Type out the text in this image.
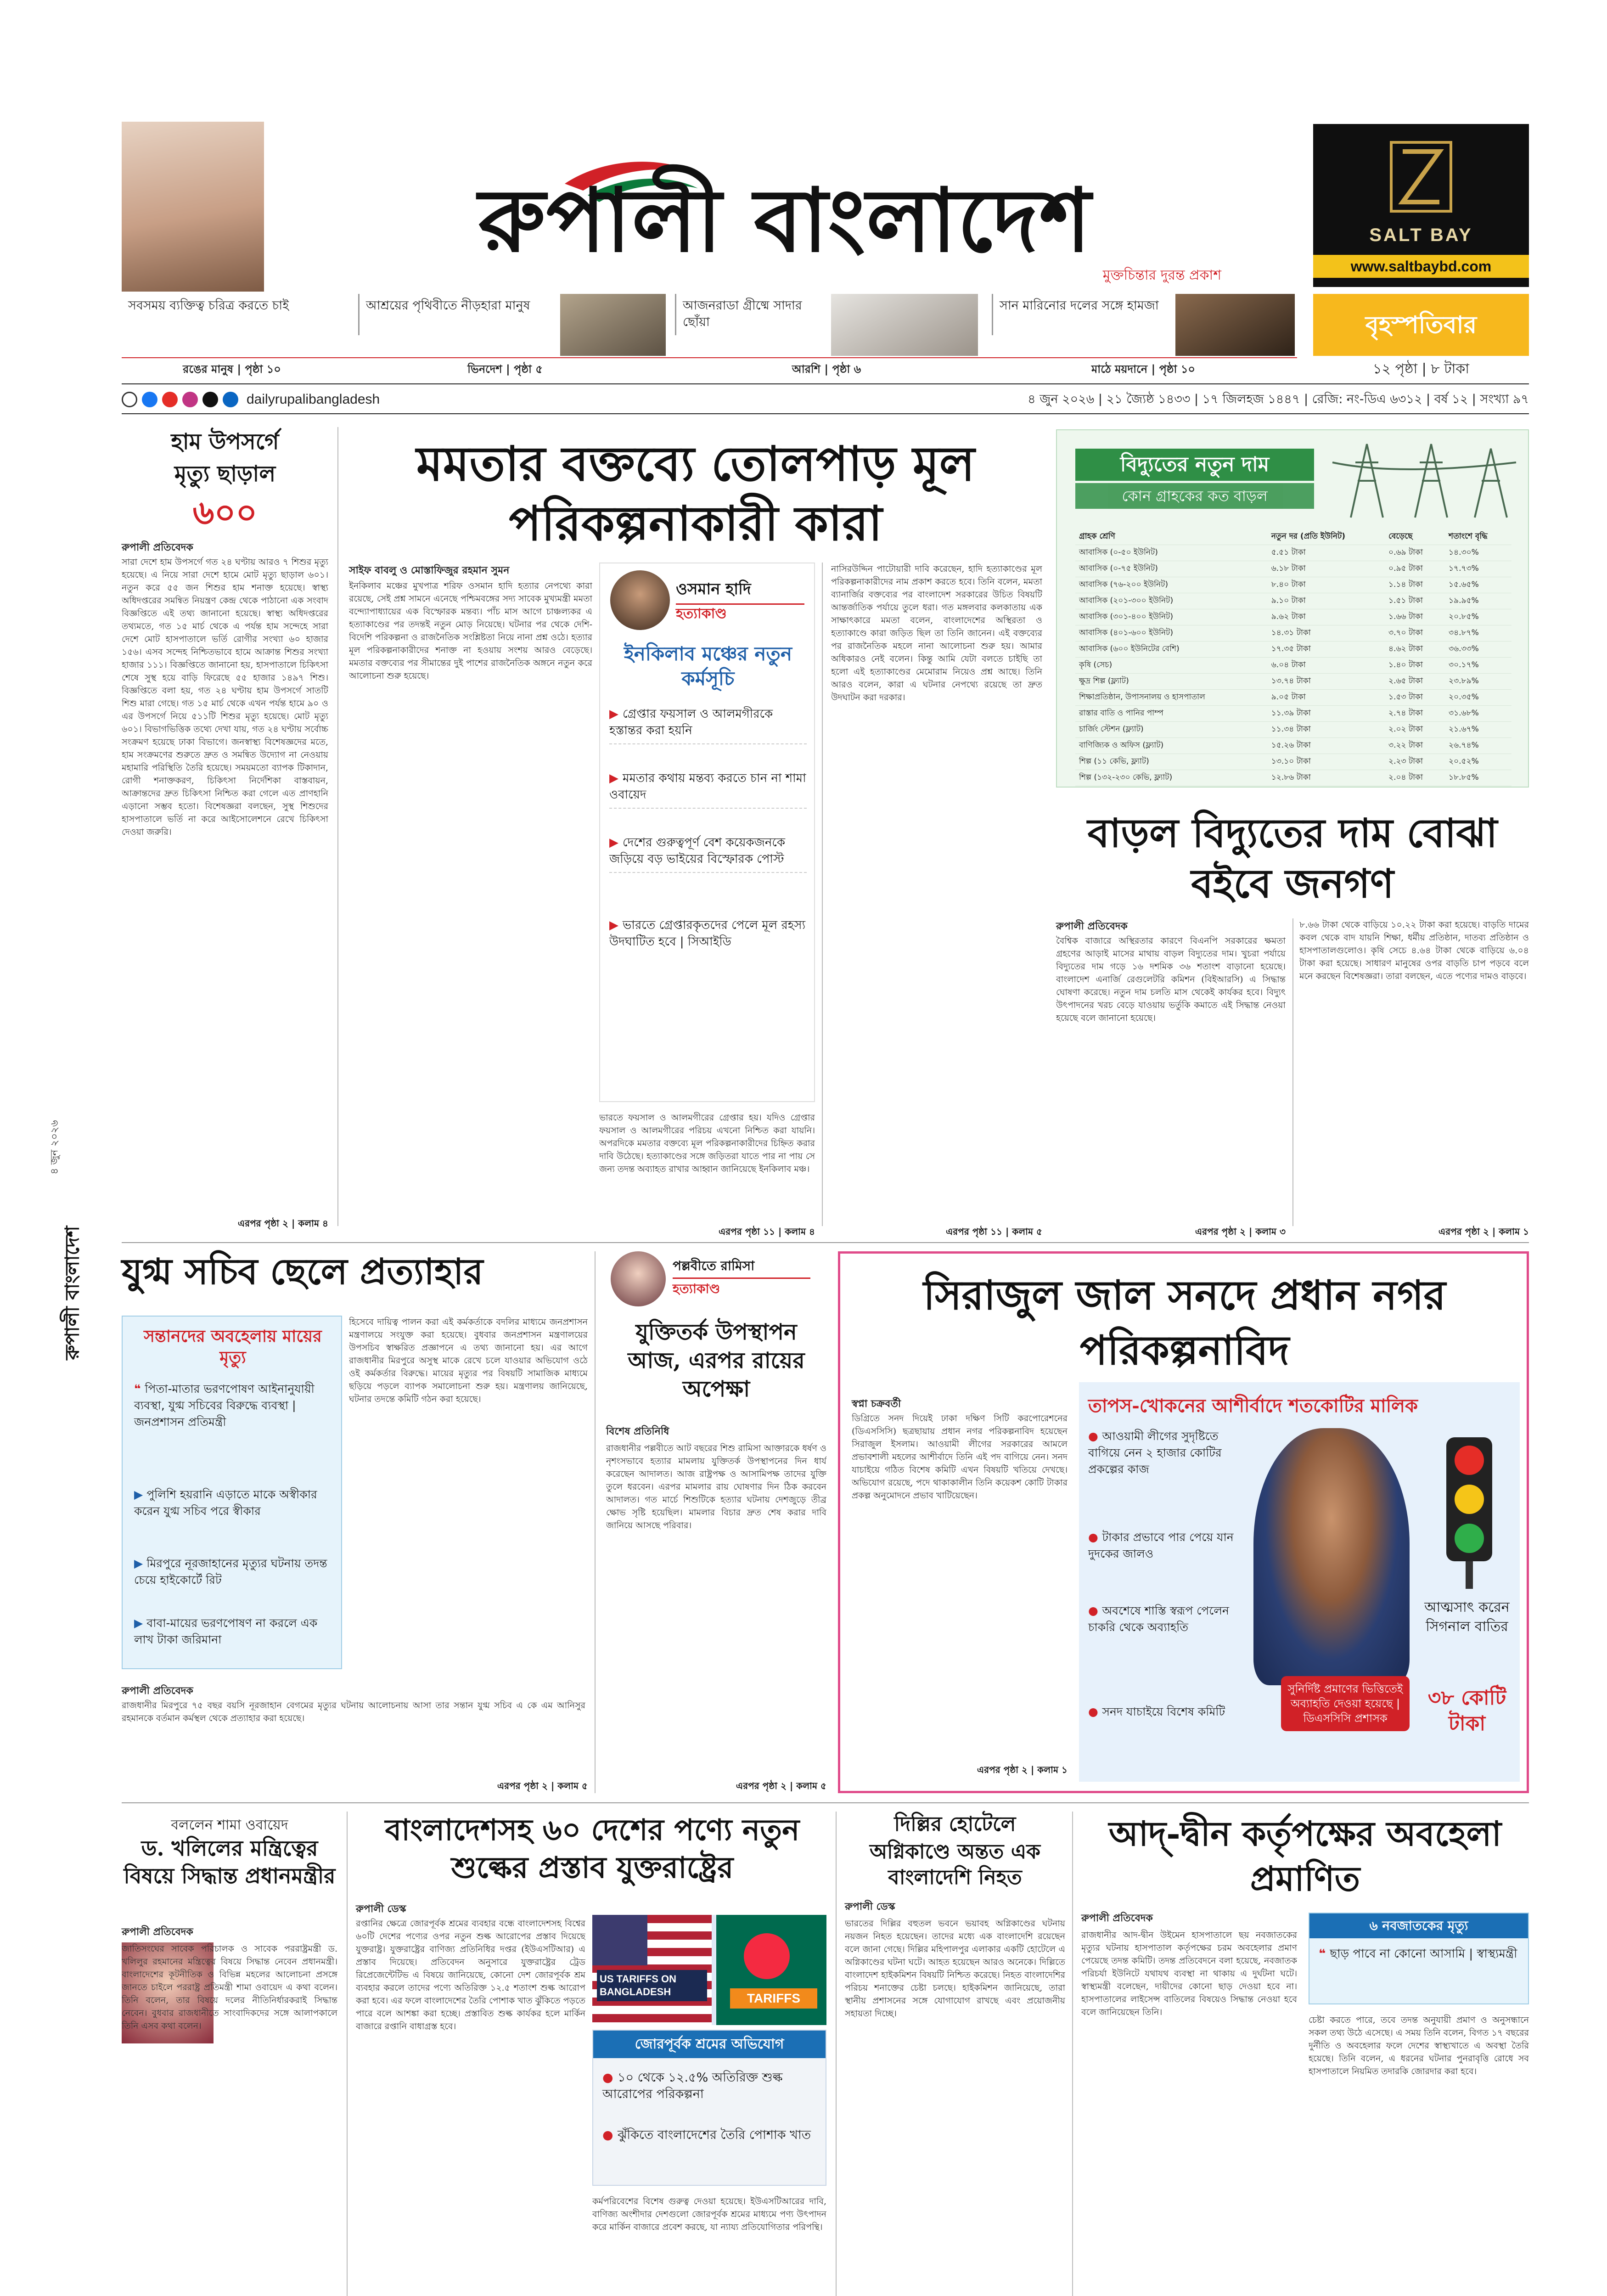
রুপালী বাংলাদেশ
মুক্তচিন্তার দুরন্ত প্রকাশ
SALT BAY
www.saltbaybd.com
সবসময় ব্যক্তিত্ব চরিত্র করতে চাই	আশ্রয়ের পৃথিবীতে নীড়হারা মানুষ	আজনরাডা গ্রীষ্মে সাদার ছোঁয়া
সান মারিনোর দলের সঙ্গে হামজা
বৃহস্পতিবার
রঙের মানুষ | পৃষ্ঠা ১০	ভিনদেশ | পৃষ্ঠা ৫	আরশি | পৃষ্ঠা ৬	মাঠে ময়দানে | পৃষ্ঠা ১০	১২ পৃষ্ঠা | ৮ টাকা
dailyrupalibangladesh	৪ জুন ২০২৬ | ২১ জ্যৈষ্ঠ ১৪৩৩ | ১৭ জিলহজ ১৪৪৭ | রেজি: নং-ডিএ ৬৩১২ | বর্ষ ১২ | সংখ্যা ৯৭
রুপালী বাংলাদেশ
৪ জুন ২০২৬
হাম উপসর্গে
মৃত্যু ছাড়াল
৬০০
রুপালী প্রতিবেদক
সারা দেশে হাম উপসর্গে গত ২৪ ঘণ্টায় আরও ৭ শিশুর মৃত্যু হয়েছে। এ নিয়ে সারা দেশে হামে মোট মৃত্যু ছাড়াল ৬০১। নতুন করে ৫৫ জন শিশুর হাম শনাক্ত হয়েছে। স্বাস্থ্য অধিদপ্তরের সমন্বিত নিয়ন্ত্রণ কেন্দ্র থেকে পাঠানো এক সংবাদ বিজ্ঞপ্তিতে এই তথ্য জানানো হয়েছে। স্বাস্থ্য অধিদপ্তরের তথ্যমতে, গত ১৫ মার্চ থেকে এ পর্যন্ত হাম সন্দেহে সারা দেশে মোট হাসপাতালে ভর্তি রোগীর সংখ্যা ৬০ হাজার ১৫৬। এসব সন্দেহ নিশ্চিতভাবে হামে আক্রান্ত শিশুর সংখ্যা হাজার ১১১। বিজ্ঞপ্তিতে জানানো হয়, হাসপাতালে চিকিৎসা শেষে সুস্থ হয়ে বাড়ি ফিরেছে ৫৫ হাজার ১৪৯৭ শিশু। বিজ্ঞপ্তিতে বলা হয়, গত ২৪ ঘণ্টায় হাম উপসর্গে সাতটি শিশু মারা গেছে। গত ১৫ মার্চ থেকে এখন পর্যন্ত হামে ৯০ ও এর উপসর্গে নিয়ে ৫১১টি শিশুর মৃত্যু হয়েছে। মোট মৃত্যু ৬০১। বিভাগভিত্তিক তথ্যে দেখা যায়, গত ২৪ ঘণ্টায় সর্বোচ্চ সংক্রমণ হয়েছে ঢাকা বিভাগে। জনস্বাস্থ্য বিশেষজ্ঞদের মতে, হাম সংক্রমণের শুরুতে দ্রুত ও সমন্বিত উদ্যোগ না নেওয়ায় মহামারি পরিস্থিতি তৈরি হয়েছে। সময়মতো ব্যাপক টিকাদান, রোগী শনাক্তকরণ, চিকিৎসা নির্দেশিকা বাস্তবায়ন, আক্রান্তদের দ্রুত চিকিৎসা নিশ্চিত করা গেলে এত প্রাণহানি এড়ানো সম্ভব হতো। বিশেষজ্ঞরা বলছেন, সুস্থ শিশুদের হাসপাতালে ভর্তি না করে আইসোলেশনে রেখে চিকিৎসা দেওয়া জরুরি।
এরপর পৃষ্ঠা ২ | কলাম ৪
মমতার বক্তব্যে তোলপাড় মূল পরিকল্পনাকারী কারা
সাইফ বাবলু ও মোস্তাফিজুর রহমান সুমন
ইনকিলাব মঞ্চের মুখপাত্র শরিফ ওসমান হাদি হত্যার নেপথ্যে কারা রয়েছে, সেই প্রশ্ন সামনে এনেছে পশ্চিমবঙ্গের সদ্য সাবেক মুখ্যমন্ত্রী মমতা বন্দ্যোপাধ্যায়ের এক বিস্ফোরক মন্তব্য। পাঁচ মাস আগে চাঞ্চল্যকর এ হত্যাকাণ্ডের পর তদন্তই নতুন মোড় নিয়েছে। ঘটনার পর থেকে দেশি-বিদেশি পরিকল্পনা ও রাজনৈতিক সংশ্লিষ্টতা নিয়ে নানা প্রশ্ন ওঠে। হত্যার মূল পরিকল্পনাকারীদের শনাক্ত না হওয়ায় সংশয় আরও বেড়েছে। মমতার বক্তব্যের পর সীমান্তের দুই পাশের রাজনৈতিক অঙ্গনে নতুন করে আলোচনা শুরু হয়েছে।
ওসমান হাদি
হত্যাকাণ্ড
ইনকিলাব মঞ্চের নতুন কর্মসূচি
▶ গ্রেপ্তার ফয়সাল ও আলমগীরকে হস্তান্তর করা হয়নি
▶ মমতার কথায় মন্তব্য করতে চান না শামা ওবায়েদ
▶ দেশের গুরুত্বপূর্ণ বেশ কয়েকজনকে জড়িয়ে বড় ভাইয়ের বিস্ফোরক পোস্ট
▶ ভারতে গ্রেপ্তারকৃতদের পেলে মূল রহস্য উদঘাটিত হবে | সিআইডি
ভারতে ফয়সাল ও আলমগীরের গ্রেপ্তার হয়। যদিও গ্রেপ্তার ফয়সাল ও আলমগীরের পরিচয় এখনো নিশ্চিত করা যায়নি। অপরদিকে মমতার বক্তব্যে মূল পরিকল্পনাকারীদের চিহ্নিত করার দাবি উঠেছে। হত্যাকাণ্ডের সঙ্গে জড়িতরা যাতে পার না পায় সে জন্য তদন্ত অব্যাহত রাখার আহ্বান জানিয়েছে ইনকিলাব মঞ্চ।
এরপর পৃষ্ঠা ১১ | কলাম ৪
নাসিরউদ্দিন পাটোয়ারী দাবি করেছেন, হাদি হত্যাকাণ্ডের মূল পরিকল্পনাকারীদের নাম প্রকাশ করতে হবে। তিনি বলেন, মমতা ব্যানার্জির বক্তব্যের পর বাংলাদেশ সরকারের উচিত বিষয়টি আন্তর্জাতিক পর্যায়ে তুলে ধরা। গত মঙ্গলবার কলকাতায় এক সাক্ষাৎকারে মমতা বলেন, বাংলাদেশের অস্থিরতা ও হত্যাকাণ্ডে কারা জড়িত ছিল তা তিনি জানেন। এই বক্তব্যের পর রাজনৈতিক মহলে নানা আলোচনা শুরু হয়। আমার অধিকারও নেই বলেন। কিন্তু আমি যেটা বলতে চাইছি তা হলো এই হত্যাকাণ্ডের মেমোরাম নিয়েও প্রশ্ন আছে। তিনি আরও বলেন, কারা এ ঘটনার নেপথ্যে রয়েছে তা দ্রুত উদঘাটন করা দরকার।
এরপর পৃষ্ঠা ১১ | কলাম ৫
বিদ্যুতের নতুন দাম
কোন গ্রাহকের কত বাড়ল
গ্রাহক শ্রেণি	নতুন দর (প্রতি ইউনিট)	বেড়েছে	শতাংশে বৃদ্ধি
আবাসিক (০-৫০ ইউনিট)	৫.৫১ টাকা	০.৬৯ টাকা	১৪.৩০%
আবাসিক (০-৭৫ ইউনিট)	৬.১৮ টাকা	০.৯৫ টাকা	১৭.৭৩%
আবাসিক (৭৬-২০০ ইউনিট)	৮.৪০ টাকা	১.১৪ টাকা	১৫.৬৫%
আবাসিক (২০১-৩০০ ইউনিট)	৯.১০ টাকা	১.৫১ টাকা	১৯.৯৫%
আবাসিক (৩০১-৪০০ ইউনিট)	৯.৬২ টাকা	১.৬৬ টাকা	২০.৮৫%
আবাসিক (৪০১-৬০০ ইউনিট)	১৪.৩১ টাকা	৩.৭০ টাকা	৩৪.৮৭%
আবাসিক (৬০০ ইউনিটের বেশি)	১৭.৩৫ টাকা	৪.৬২ টাকা	৩৬.৩৩%
কৃষি (সেচ)	৬.০৪ টাকা	১.৪০ টাকা	৩০.১৭%
ক্ষুদ্র শিল্প (ফ্ল্যাট)	১৩.৭৪ টাকা	২.৬৫ টাকা	২৩.৮৯%
শিক্ষাপ্রতিষ্ঠান, উপাসনালয় ও হাসপাতাল	৯.০৫ টাকা	১.৫৩ টাকা	২০.৩৫%
রাস্তার বাতি ও পানির পাম্প	১১.৩৯ টাকা	২.৭৪ টাকা	৩১.৬৮%
চার্জিং স্টেশন (ফ্ল্যাট)	১১.৩৪ টাকা	২.০২ টাকা	২১.৬৭%
বাণিজ্যিক ও অফিস (ফ্ল্যাট)	১৫.২৬ টাকা	৩.২২ টাকা	২৬.৭৪%
শিল্প (১১ কেভি, ফ্ল্যাট)	১৩.১০ টাকা	২.২৩ টাকা	২০.৫২%
শিল্প (১৩২-২৩০ কেভি, ফ্ল্যাট)	১২.৮৬ টাকা	২.০৪ টাকা	১৮.৮৫%
বাড়ল বিদ্যুতের দাম বোঝা বইবে জনগণ
রুপালী প্রতিবেদক
বৈশ্বিক বাজারে অস্থিরতার কারণে বিএনপি সরকারের ক্ষমতা গ্রহণের আড়াই মাসের মাথায় বাড়ল বিদ্যুতের দাম। খুচরা পর্যায়ে বিদ্যুতের দাম গড়ে ১৬ দশমিক ৩৬ শতাংশ বাড়ানো হয়েছে। বাংলাদেশ এনার্জি রেগুলেটরি কমিশন (বিইআরসি) এ সিদ্ধান্ত ঘোষণা করেছে। নতুন দাম চলতি মাস থেকেই কার্যকর হবে। বিদ্যুৎ উৎপাদনের খরচ বেড়ে যাওয়ায় ভর্তুকি কমাতে এই সিদ্ধান্ত নেওয়া হয়েছে বলে জানানো হয়েছে।
এরপর পৃষ্ঠা ২ | কলাম ৩
৮.৬৬ টাকা থেকে বাড়িয়ে ১০.২২ টাকা করা হয়েছে। বাড়তি দামের কবল থেকে বাদ যায়নি শিক্ষা, ধর্মীয় প্রতিষ্ঠান, দাতব্য প্রতিষ্ঠান ও হাসপাতালগুলোও। কৃষি সেচে ৪.৬৪ টাকা থেকে বাড়িয়ে ৬.০৪ টাকা করা হয়েছে। সাধারণ মানুষের ওপর বাড়তি চাপ পড়বে বলে মনে করছেন বিশেষজ্ঞরা। তারা বলছেন, এতে পণ্যের দামও বাড়বে।
এরপর পৃষ্ঠা ২ | কলাম ১
যুগ্ম সচিব ছেলে প্রত্যাহার
সন্তানদের অবহেলায় মায়ের মৃত্যু
❝ পিতা-মাতার ভরণপোষণ আইনানুযায়ী ব্যবস্থা, যুগ্ম সচিবের বিরুদ্ধে ব্যবস্থা | জনপ্রশাসন প্রতিমন্ত্রী
▶ পুলিশি হয়রানি এড়াতে মাকে অস্বীকার করেন যুগ্ম সচিব পরে স্বীকার
▶ মিরপুরে নূরজাহানের মৃত্যুর ঘটনায় তদন্ত চেয়ে হাইকোর্টে রিট
▶ বাবা-মায়ের ভরণপোষণ না করলে এক লাখ টাকা জরিমানা
হিসেবে দায়িত্ব পালন করা এই কর্মকর্তাকে বদলির মাধ্যমে জনপ্রশাসন মন্ত্রণালয়ে সংযুক্ত করা হয়েছে। বুধবার জনপ্রশাসন মন্ত্রণালয়ের উপসচিব স্বাক্ষরিত প্রজ্ঞাপনে এ তথ্য জানানো হয়। এর আগে রাজধানীর মিরপুরে অসুস্থ মাকে রেখে চলে যাওয়ার অভিযোগ ওঠে ওই কর্মকর্তার বিরুদ্ধে। মায়ের মৃত্যুর পর বিষয়টি সামাজিক মাধ্যমে ছড়িয়ে পড়লে ব্যাপক সমালোচনা শুরু হয়। মন্ত্রণালয় জানিয়েছে, ঘটনার তদন্তে কমিটি গঠন করা হয়েছে।
রুপালী প্রতিবেদক
রাজধানীর মিরপুরে ৭৫ বছর বয়সি নূরজাহান বেগমের মৃত্যুর ঘটনায় আলোচনায় আসা তার সন্তান যুগ্ম সচিব এ কে এম আনিসুর রহমানকে বর্তমান কর্মস্থল থেকে প্রত্যাহার করা হয়েছে।
এরপর পৃষ্ঠা ২ | কলাম ৫
পল্লবীতে রামিসা
হত্যাকাণ্ড
যুক্তিতর্ক উপস্থাপন আজ, এরপর রায়ের অপেক্ষা
বিশেষ প্রতিনিধি
রাজধানীর পল্লবীতে আট বছরের শিশু রামিসা আক্তারকে ধর্ষণ ও নৃশংসভাবে হত্যার মামলায় যুক্তিতর্ক উপস্থাপনের দিন ধার্য করেছেন আদালত। আজ রাষ্ট্রপক্ষ ও আসামিপক্ষ তাদের যুক্তি তুলে ধরবেন। এরপর মামলার রায় ঘোষণার দিন ঠিক করবেন আদালত। গত মার্চে শিশুটিকে হত্যার ঘটনায় দেশজুড়ে তীব্র ক্ষোভ সৃষ্টি হয়েছিল। মামলার বিচার দ্রুত শেষ করার দাবি জানিয়ে আসছে পরিবার।
এরপর পৃষ্ঠা ২ | কলাম ৫
সিরাজুল জাল সনদে প্রধান নগর পরিকল্পনাবিদ
স্বপ্না চক্রবর্তী
ডিগ্রিতে সনদ দিয়েই ঢাকা দক্ষিণ সিটি করপোরেশনের (ডিএসসিসি) ছত্রছায়ায় প্রধান নগর পরিকল্পনাবিদ হয়েছেন সিরাজুল ইসলাম। আওয়ামী লীগের সরকারের আমলে প্রভাবশালী মহলের আশীর্বাদে তিনি এই পদ বাগিয়ে নেন। সনদ যাচাইয়ে গঠিত বিশেষ কমিটি এখন বিষয়টি খতিয়ে দেখছে। অভিযোগ রয়েছে, পদে থাকাকালীন তিনি কয়েকশ কোটি টাকার প্রকল্প অনুমোদনে প্রভাব খাটিয়েছেন।
এরপর পৃষ্ঠা ২ | কলাম ১
তাপস-খোকনের আশীর্বাদে শতকোটির মালিক
● আওয়ামী লীগের সুদৃষ্টিতে বাগিয়ে নেন ২ হাজার কোটির প্রকল্পের কাজ
● টাকার প্রভাবে পার পেয়ে যান দুদকের জালও
● অবশেষে শাস্তি স্বরূপ পেলেন চাকরি থেকে অব্যাহতি
● সনদ যাচাইয়ে বিশেষ কমিটি
সুনির্দিষ্ট প্রমাণের ভিত্তিতেই অব্যাহতি দেওয়া হয়েছে | ডিএসসিসি প্রশাসক
আত্মসাৎ করেন সিগনাল বাতির
৩৮ কোটি টাকা
বললেন শামা ওবায়েদ
ড. খলিলের মন্ত্রিত্বের বিষয়ে সিদ্ধান্ত প্রধানমন্ত্রীর
রুপালী প্রতিবেদক
জাতিসংঘের সাবেক পরিচালক ও সাবেক পররাষ্ট্রমন্ত্রী ড. খলিলুর রহমানের মন্ত্রিত্বের বিষয়ে সিদ্ধান্ত নেবেন প্রধানমন্ত্রী। বাংলাদেশের কূটনীতিক ও বিভিন্ন মহলের আলোচনা প্রসঙ্গে জানতে চাইলে পররাষ্ট্র প্রতিমন্ত্রী শামা ওবায়েদ এ কথা বলেন। তিনি বলেন, তার বিষয়ে দলের নীতিনির্ধারকরাই সিদ্ধান্ত নেবেন। বুধবার রাজধানীতে সাংবাদিকদের সঙ্গে আলাপকালে তিনি এসব কথা বলেন।
বাংলাদেশসহ ৬০ দেশের পণ্যে নতুন শুল্কের প্রস্তাব যুক্তরাষ্ট্রের
রুপালী ডেস্ক
রপ্তানির ক্ষেত্রে জোরপূর্বক শ্রমের ব্যবহার বন্ধে বাংলাদেশসহ বিশ্বের ৬০টি দেশের পণ্যের ওপর নতুন শুল্ক আরোপের প্রস্তাব দিয়েছে যুক্তরাষ্ট্র। যুক্তরাষ্ট্রের বাণিজ্য প্রতিনিধির দপ্তর (ইউএসটিআর) এ প্রস্তাব দিয়েছে। প্রতিবেদন অনুসারে যুক্তরাষ্ট্রের ট্রেড রিপ্রেজেন্টেটিভ এ বিষয়ে জানিয়েছে, কোনো দেশ জোরপূর্বক শ্রম ব্যবহার করলে তাদের পণ্যে অতিরিক্ত ১২.৫ শতাংশ শুল্ক আরোপ করা হবে। এর ফলে বাংলাদেশের তৈরি পোশাক খাত ঝুঁকিতে পড়তে পারে বলে আশঙ্কা করা হচ্ছে। প্রস্তাবিত শুল্ক কার্যকর হলে মার্কিন বাজারে রপ্তানি বাধাগ্রস্ত হবে।
US TARIFFS ON BANGLADESH	TARIFFS
জোরপূর্বক শ্রমের অভিযোগ
● ১০ থেকে ১২.৫% অতিরিক্ত শুল্ক আরোপের পরিকল্পনা
● ঝুঁকিতে বাংলাদেশের তৈরি পোশাক খাত
কর্মপরিবেশের বিশেষ গুরুত্ব দেওয়া হয়েছে। ইউএসটিআরের দাবি, বাণিজ্য অংশীদার দেশগুলো জোরপূর্বক শ্রমের মাধ্যমে পণ্য উৎপাদন করে মার্কিন বাজারে প্রবেশ করছে, যা ন্যায্য প্রতিযোগিতার পরিপন্থি।
দিল্লির হোটেলে
অগ্নিকাণ্ডে অন্তত এক বাংলাদেশি নিহত
রুপালী ডেস্ক
ভারতের দিল্লির বহুতল ভবনে ভয়াবহ অগ্নিকাণ্ডের ঘটনায় নয়জন নিহত হয়েছেন। তাদের মধ্যে এক বাংলাদেশি রয়েছেন বলে জানা গেছে। দিল্লির মহিপালপুর এলাকার একটি হোটেলে এ অগ্নিকাণ্ডের ঘটনা ঘটে। আহত হয়েছেন আরও অনেকে। দিল্লিতে বাংলাদেশ হাইকমিশন বিষয়টি নিশ্চিত করেছে। নিহত বাংলাদেশির পরিচয় শনাক্তের চেষ্টা চলছে। হাইকমিশন জানিয়েছে, তারা স্থানীয় প্রশাসনের সঙ্গে যোগাযোগ রাখছে এবং প্রয়োজনীয় সহায়তা দিচ্ছে।
আদ্-দ্বীন কর্তৃপক্ষের অবহেলা প্রমাণিত
রুপালী প্রতিবেদক
রাজধানীর আদ-দ্বীন উইমেন হাসপাতালে ছয় নবজাতকের মৃত্যুর ঘটনায় হাসপাতাল কর্তৃপক্ষের চরম অবহেলার প্রমাণ পেয়েছে তদন্ত কমিটি। তদন্ত প্রতিবেদনে বলা হয়েছে, নবজাতক পরিচর্যা ইউনিটে যথাযথ ব্যবস্থা না থাকায় এ দুর্ঘটনা ঘটে। স্বাস্থ্যমন্ত্রী বলেছেন, দায়ীদের কোনো ছাড় দেওয়া হবে না। হাসপাতালের লাইসেন্স বাতিলের বিষয়েও সিদ্ধান্ত নেওয়া হবে বলে জানিয়েছেন তিনি।
৬ নবজাতকের মৃত্যু
❝ ছাড় পাবে না কোনো আসামি | স্বাস্থ্যমন্ত্রী
চেষ্টা করতে পারে, তবে তদন্ত অনুযায়ী প্রমাণ ও অনুসন্ধানে সকল তথ্য উঠে এসেছে। এ সময় তিনি বলেন, বিগত ১৭ বছরের দুর্নীতি ও অবহেলার ফলে দেশের স্বাস্থ্যখাতে এ অবস্থা তৈরি হয়েছে। তিনি বলেন, এ ধরনের ঘটনার পুনরাবৃত্তি রোধে সব হাসপাতালে নিয়মিত তদারকি জোরদার করা হবে।
